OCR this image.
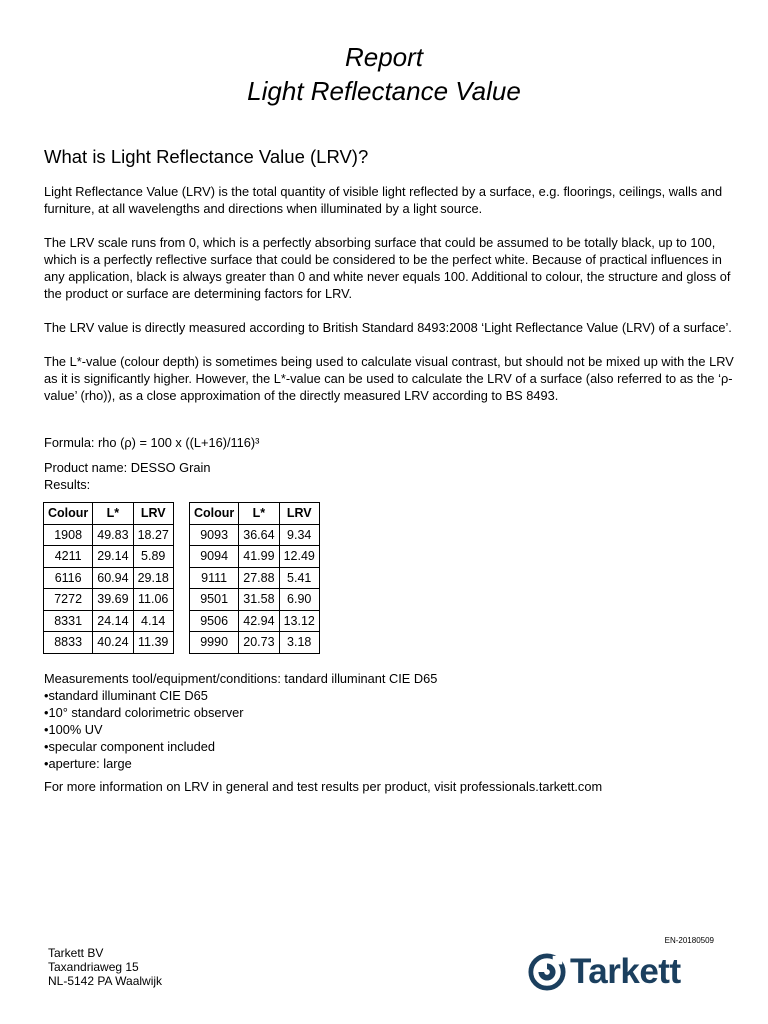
Report
Light Reflectance Value
What is Light Reflectance Value (LRV)?

Light Reflectance Value (LRV) is the total quantity of visible light reflected by a surface, e.g. floorings, ceilings, walls and furniture, at all wavelengths and directions when illuminated by a light source.

The LRV scale runs from 0, which is a perfectly absorbing surface that could be assumed to be totally black, up to 100, which is a perfectly reflective surface that could be considered to be the perfect white. Because of practical influences in any application, black is always greater than 0 and white never equals 100. Additional to colour, the structure and gloss of the product or surface are determining factors for LRV.

The LRV value is directly measured according to British Standard 8493:2008 ‘Light Reflectance Value (LRV) of a surface’.

The L*-value (colour depth) is sometimes being used to calculate visual contrast, but should not be mixed up with the LRV as it is significantly higher. However, the L*-value can be used to calculate the LRV of a surface (also referred to as the ‘ρ-value’ (rho)), as a close approximation of the directly measured LRV according to BS 8493.

Formula: rho (ρ) = 100 x ((L+16)/116)³
Product name: DESSO Grain
Results:
Colour	L*	LRV
1908	49.83	18.27
4211	29.14	5.89
6116	60.94	29.18
7272	39.69	11.06
8331	24.14	4.14
8833	40.24	11.39
Colour	L*	LRV
9093	36.64	9.34
9094	41.99	12.49
9111	27.88	5.41
9501	31.58	6.90
9506	42.94	13.12
9990	20.73	3.18
Measurements tool/equipment/conditions: tandard illuminant CIE D65
• standard illuminant CIE D65
• 10° standard colorimetric observer
• 100% UV
• specular component included
• aperture: large
For more information on LRV in general and test results per product, visit professionals.tarkett.com
EN-20180509
Tarkett BV
Taxandriaweg 15
NL-5142 PA Waalwijk	Tarkett
